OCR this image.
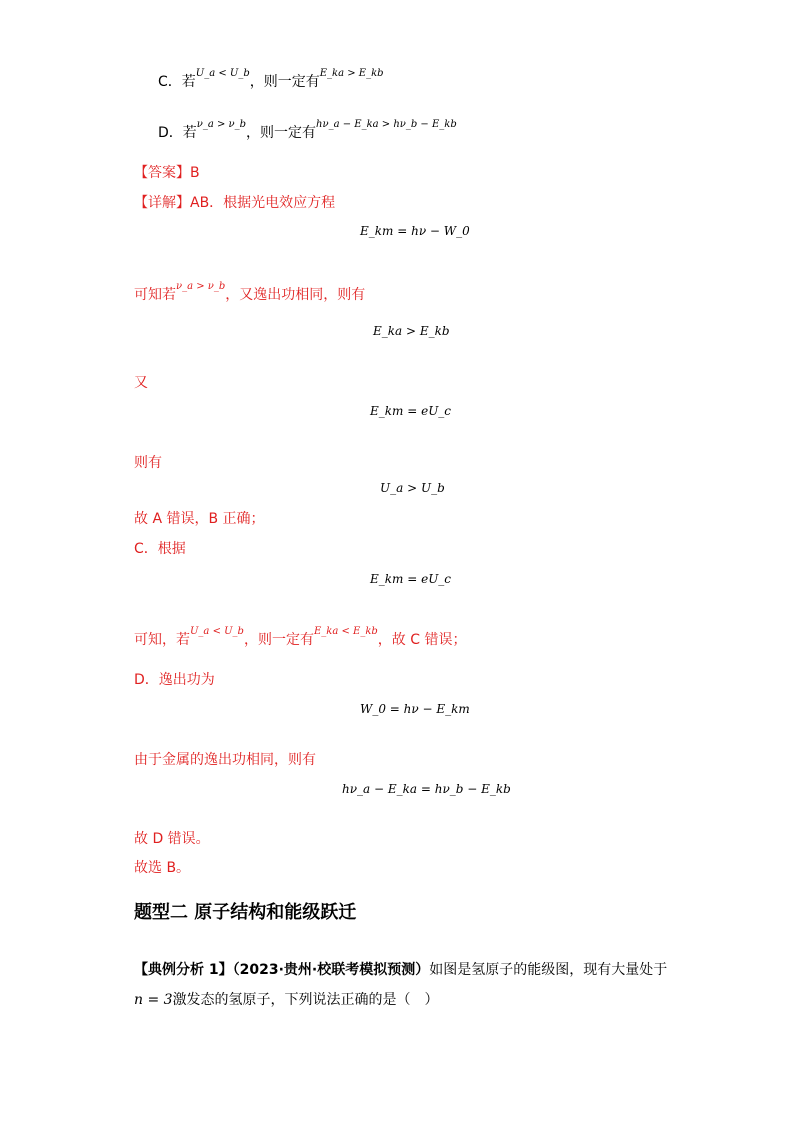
C．若$^{U\_a < U\_b}$，则一定有$^{E\_ka > E\_kb}$
D．若$^{\nu\_a > \nu\_b}$，则一定有$^{h\nu\_a - E\_ka > h\nu\_b - E\_kb}$
【答案】B
【详解】AB．根据光电效应方程
E_km = hν − W_0
可知若$^{\nu\_a > \nu\_b}$，又逸出功相同，则有
E_ka > E_kb
又
E_km = eU_c
则有
U_a > U_b
故 A 错误，B 正确；
C．根据
E_km = eU_c
可知，若$^{U\_a < U\_b}$，则一定有$^{E\_ka < E\_kb}$，故 C 错误；
D．逸出功为
W_0 = hν − E_km
由于金属的逸出功相同，则有
hν_a − E_ka = hν_b − E_kb
故 D 错误。
故选 B。
题型二 原子结构和能级跃迁
【典例分析 1】（2023·贵州·校联考模拟预测）如图是氢原子的能级图，现有大量处于
n = 3激发态的氢原子，下列说法正确的是（　）
